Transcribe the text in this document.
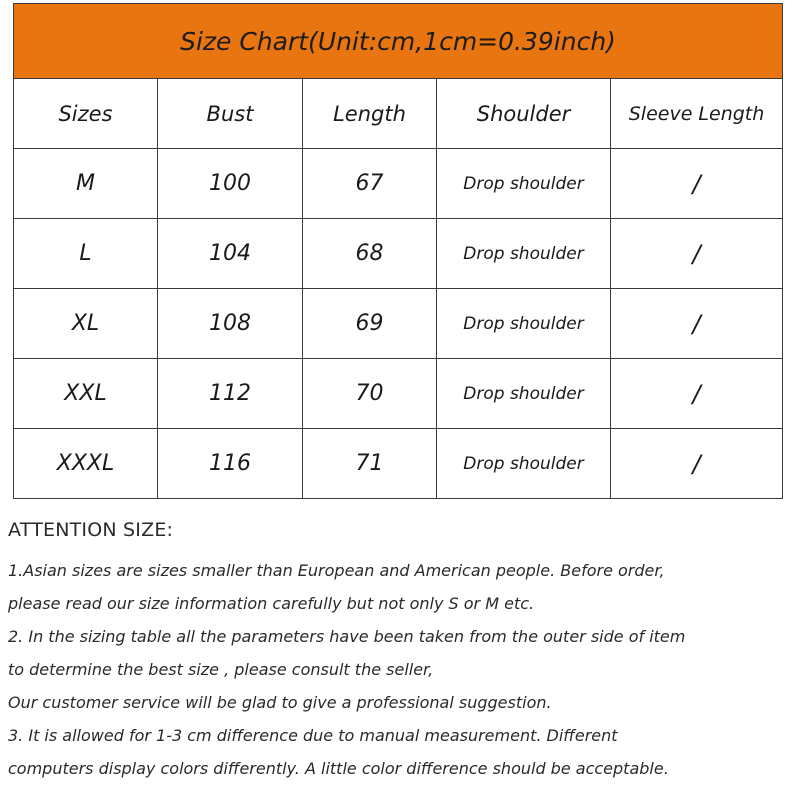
Size Chart(Unit:cm,1cm=0.39inch)				
Sizes	Bust	Length	Shoulder	Sleeve Length
M	100	67	Drop shoulder	/
L	104	68	Drop shoulder	/
XL	108	69	Drop shoulder	/
XXL	112	70	Drop shoulder	/
XXXL	116	71	Drop shoulder	/
ATTENTION SIZE:
1.Asian sizes are sizes smaller than European and American people. Before order,
please read our size information carefully but not only S or M etc.
2. In the sizing table all the parameters have been taken from the outer side of item
to determine the best size , please consult the seller,
Our customer service will be glad to give a professional suggestion.
3. It is allowed for 1-3 cm difference due to manual measurement. Different
computers display colors differently. A little color difference should be acceptable.
